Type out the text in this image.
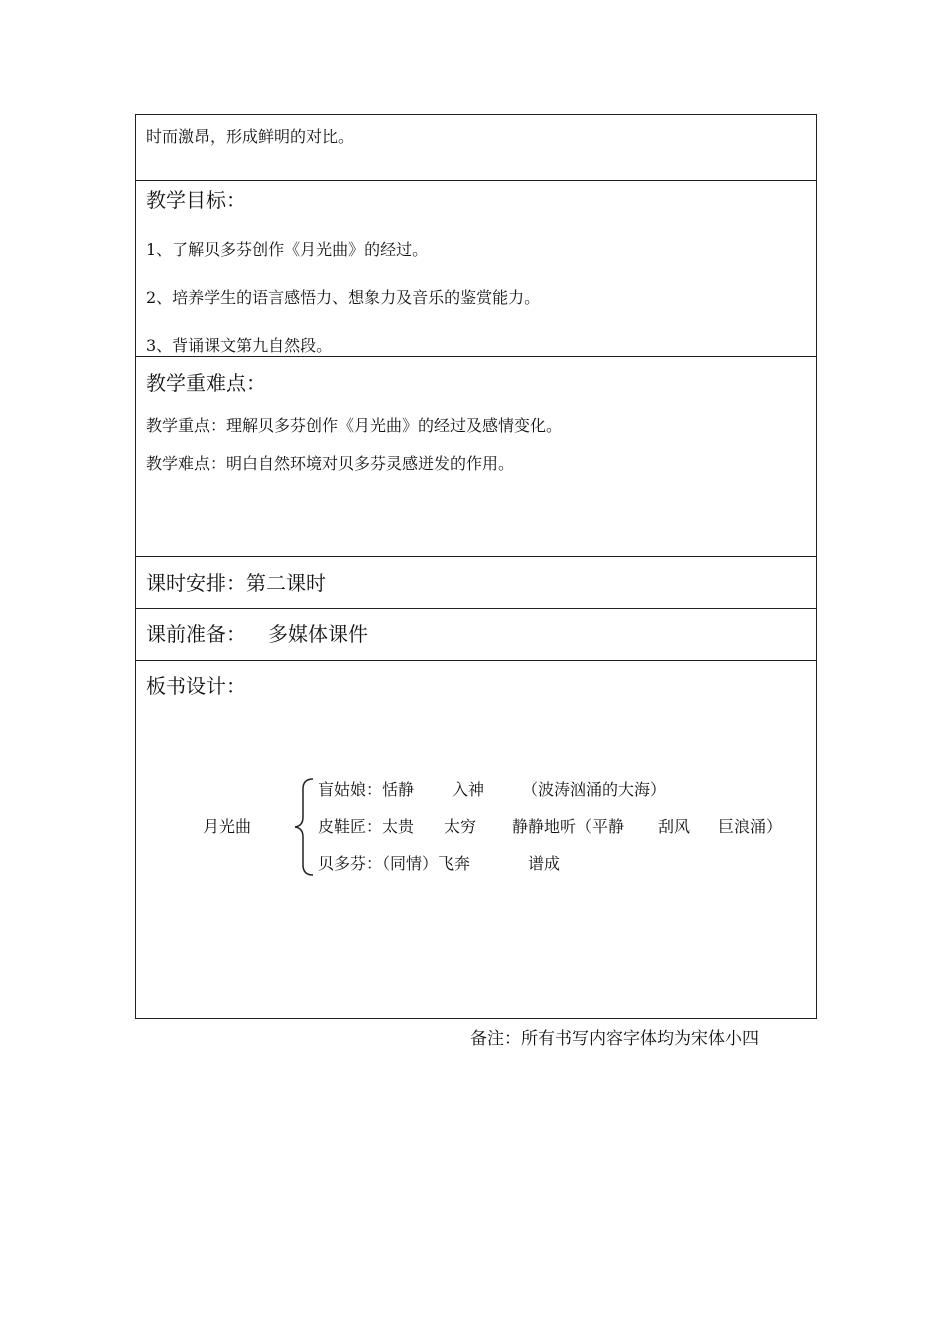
时而激昂，形成鲜明的对比。
教学目标：
1、了解贝多芬创作《月光曲》的经过。
2、培养学生的语言感悟力、想象力及音乐的鉴赏能力。
3、背诵课文第九自然段。
教学重难点：
教学重点：理解贝多芬创作《月光曲》的经过及感情变化。
教学难点：明白自然环境对贝多芬灵感迸发的作用。
课时安排：第二课时
课前准备： 多媒体课件
板书设计：
月光曲
盲姑娘：恬静 入神 （波涛汹涌的大海）
皮鞋匠：太贵 太穷 静静地听（平静 刮风 巨浪涌）
贝多芬：（同情）飞奔	谱成
备注：所有书写内容字体均为宋体小四
